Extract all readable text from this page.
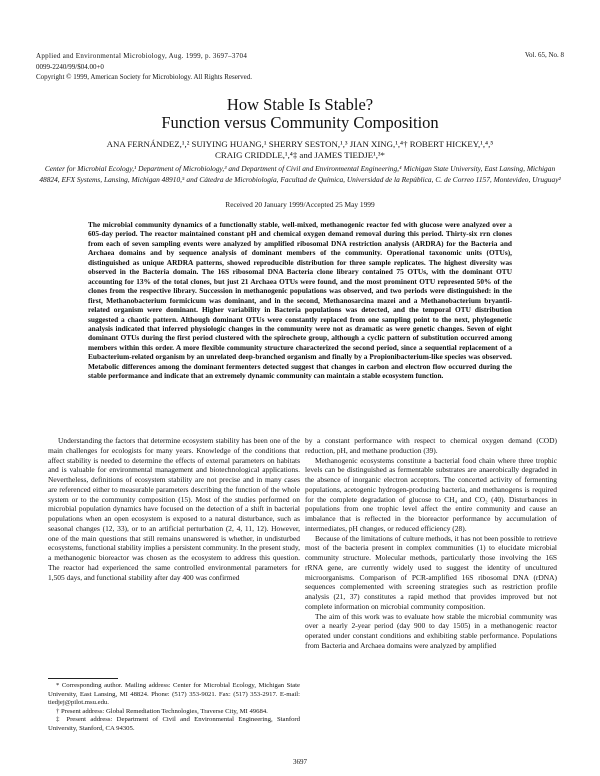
Applied and Environmental Microbiology, Aug. 1999, p. 3697–3704
0099-2240/99/$04.00+0
Copyright © 1999, American Society for Microbiology. All Rights Reserved.
Vol. 65, No. 8
How Stable Is Stable?
Function versus Community Composition
ANA FERNÁNDEZ,¹,² SUIYING HUANG,¹ SHERRY SESTON,¹,³ JIAN XING,¹,⁴† ROBERT HICKEY,¹,⁴,⁵
CRAIG CRIDDLE,¹,⁴‡ and JAMES TIEDJE¹,³*
Center for Microbial Ecology,¹ Department of Microbiology,³ and Department of Civil and Environmental Engineering,⁴ Michigan State University, East Lansing, Michigan 48824, EFX Systems, Lansing, Michigan 48910,⁵ and Cátedra de Microbiología, Facultad de Química, Universidad de la República, C. de Correo 1157, Montevideo, Uruguay²
Received 20 January 1999/Accepted 25 May 1999
The microbial community dynamics of a functionally stable, well-mixed, methanogenic reactor fed with glucose were analyzed over a 605-day period. The reactor maintained constant pH and chemical oxygen demand removal during this period. Thirty-six rrn clones from each of seven sampling events were analyzed by amplified ribosomal DNA restriction analysis (ARDRA) for the Bacteria and Archaea domains and by sequence analysis of dominant members of the community. Operational taxonomic units (OTUs), distinguished as unique ARDRA patterns, showed reproducible distribution for three sample replicates. The highest diversity was observed in the Bacteria domain. The 16S ribosomal DNA Bacteria clone library contained 75 OTUs, with the dominant OTU accounting for 13% of the total clones, but just 21 Archaea OTUs were found, and the most prominent OTU represented 50% of the clones from the respective library. Succession in methanogenic populations was observed, and two periods were distinguished: in the first, Methanobacterium formicicum was dominant, and in the second, Methanosarcina mazei and a Methanobacterium bryantii-related organism were dominant. Higher variability in Bacteria populations was detected, and the temporal OTU distribution suggested a chaotic pattern. Although dominant OTUs were constantly replaced from one sampling point to the next, phylogenetic analysis indicated that inferred physiologic changes in the community were not as dramatic as were genetic changes. Seven of eight dominant OTUs during the first period clustered with the spirochete group, although a cyclic pattern of substitution occurred among members within this order. A more flexible community structure characterized the second period, since a sequential replacement of a Eubacterium-related organism by an unrelated deep-branched organism and finally by a Propionibacterium-like species was observed. Metabolic differences among the dominant fermenters detected suggest that changes in carbon and electron flow occurred during the stable performance and indicate that an extremely dynamic community can maintain a stable ecosystem function.

Understanding the factors that determine ecosystem stability has been one of the main challenges for ecologists for many years. Knowledge of the conditions that affect stability is needed to determine the effects of external parameters on habitats and is valuable for environmental management and biotechnological applications. Nevertheless, definitions of ecosystem stability are not precise and in many cases are referenced either to measurable parameters describing the function of the whole system or to the community composition (15). Most of the studies performed on microbial population dynamics have focused on the detection of a shift in bacterial populations when an open ecosystem is exposed to a natural disturbance, such as seasonal changes (12, 33), or to an artificial perturbation (2, 4, 11, 12). However, one of the main questions that still remains unanswered is whether, in undisturbed ecosystems, functional stability implies a persistent community. In the present study, a methanogenic bioreactor was chosen as the ecosystem to address this question. The reactor had experienced the same controlled environmental parameters for 1,505 days, and functional stability after day 400 was confirmed

by a constant performance with respect to chemical oxygen demand (COD) reduction, pH, and methane production (39).

Methanogenic ecosystems constitute a bacterial food chain where three trophic levels can be distinguished as fermentable substrates are anaerobically degraded in the absence of inorganic electron acceptors. The concerted activity of fermenting populations, acetogenic hydrogen-producing bacteria, and methanogens is required for the complete degradation of glucose to CH₄ and CO₂ (40). Disturbances in populations from one trophic level affect the entire community and cause an imbalance that is reflected in the bioreactor performance by accumulation of intermediates, pH changes, or reduced efficiency (28).

Because of the limitations of culture methods, it has not been possible to retrieve most of the bacteria present in complex communities (1) to elucidate microbial community structure. Molecular methods, particularly those involving the 16S rRNA gene, are currently widely used to suggest the identity of uncultured microorganisms. Comparison of PCR-amplified 16S ribosomal DNA (rDNA) sequences complemented with screening strategies such as restriction profile analysis (21, 37) constitutes a rapid method that provides improved but not complete information on microbial community composition.

The aim of this work was to evaluate how stable the microbial community was over a nearly 2-year period (day 900 to day 1505) in a methanogenic reactor operated under constant conditions and exhibiting stable performance. Populations from Bacteria and Archaea domains were analyzed by amplified

* Corresponding author. Mailing address: Center for Microbial Ecology, Michigan State University, East Lansing, MI 48824. Phone: (517) 353-9021. Fax: (517) 353-2917. E-mail: tiedjej@pilot.msu.edu.

† Present address: Global Remediation Technologies, Traverse City, MI 49684.

‡ Present address: Department of Civil and Environmental Engineering, Stanford University, Stanford, CA 94305.

3697
